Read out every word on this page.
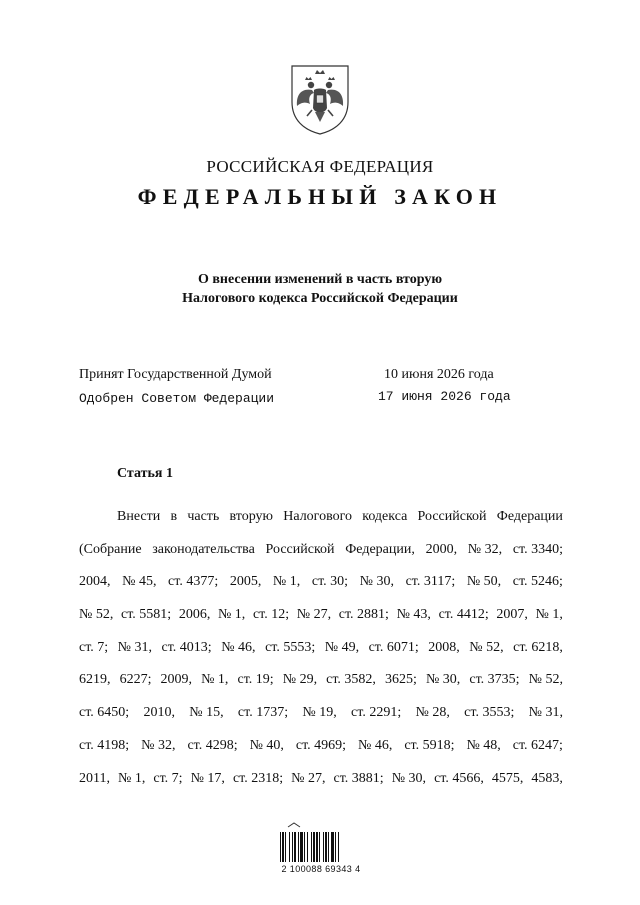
РОССИЙСКАЯ ФЕДЕРАЦИЯ
ФЕДЕРАЛЬНЫЙ ЗАКОН
О внесении изменений в часть вторую
Налогового кодекса Российской Федерации
Принят Государственной Думой	10 июня 2026 года
Одобрен Советом Федерации	17 июня 2026 года
Статья 1
Внести в часть вторую Налогового кодекса Российской Федерации
(Собрание законодательства Российской Федерации, 2000, № 32, ст. 3340;
2004, № 45, ст. 4377; 2005, № 1, ст. 30; № 30, ст. 3117; № 50, ст. 5246;
№ 52, ст. 5581; 2006, № 1, ст. 12; № 27, ст. 2881; № 43, ст. 4412; 2007, № 1,
ст. 7; № 31, ст. 4013; № 46, ст. 5553; № 49, ст. 6071; 2008, № 52, ст. 6218,
6219, 6227; 2009, № 1, ст. 19; № 29, ст. 3582, 3625; № 30, ст. 3735; № 52,
ст. 6450; 2010, № 15, ст. 1737; № 19, ст. 2291; № 28, ст. 3553; № 31,
ст. 4198; № 32, ст. 4298; № 40, ст. 4969; № 46, ст. 5918; № 48, ст. 6247;
2011, № 1, ст. 7; № 17, ст. 2318; № 27, ст. 3881; № 30, ст. 4566, 4575, 4583,
2 100088 69343 4
